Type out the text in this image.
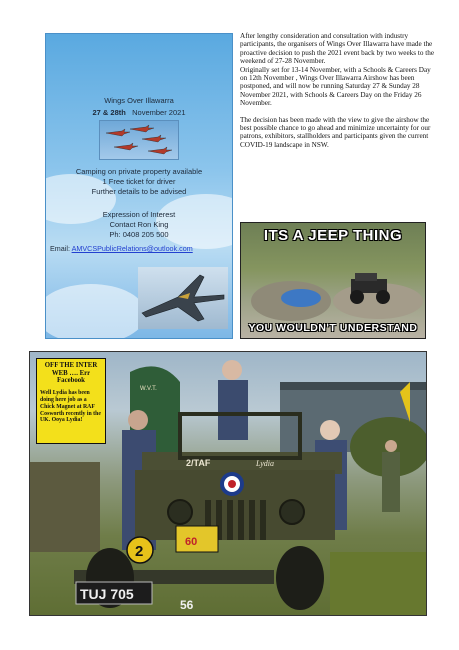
Wings Over Illawarra
27 & 28th November 2021
Camping on private property available
1 Free ticket for driver
Further details to be advised
Expression of Interest
Contact Ron King
Ph: 0408 205 500
Email: AMVCSPublicRelations@outlook.com

After lengthy consideration and consultation with industry participants, the organisers of Wings Over Illawarra have made the proactive decision to push the 2021 event back by two weeks to the weekend of 27-28 November.

Originally set for 13-14 November, with a Schools & Careers Day on 12th November , Wings Over Illawarra Airshow has been postponed, and will now be running Saturday 27 & Sunday 28 November 2021, with Schools & Careers Day on the Friday 26 November.

The decision has been made with the view to give the airshow the best possible chance to go ahead and minimize uncertainty for our patrons, exhibitors, stallholders and participants given the current COVID-19 landscape in NSW.

ITS A JEEP THING
YOU WOULDN'T UNDERSTAND
W.V.T.
2/TAF	Lydia
2
60
TUJ 705
56
OFF THE INTER WEB …. Err Facebook
Well Lydia has been doing here job as a Chick Magnet at RAF Cosworth recently in the UK. Ooya Lydia!
